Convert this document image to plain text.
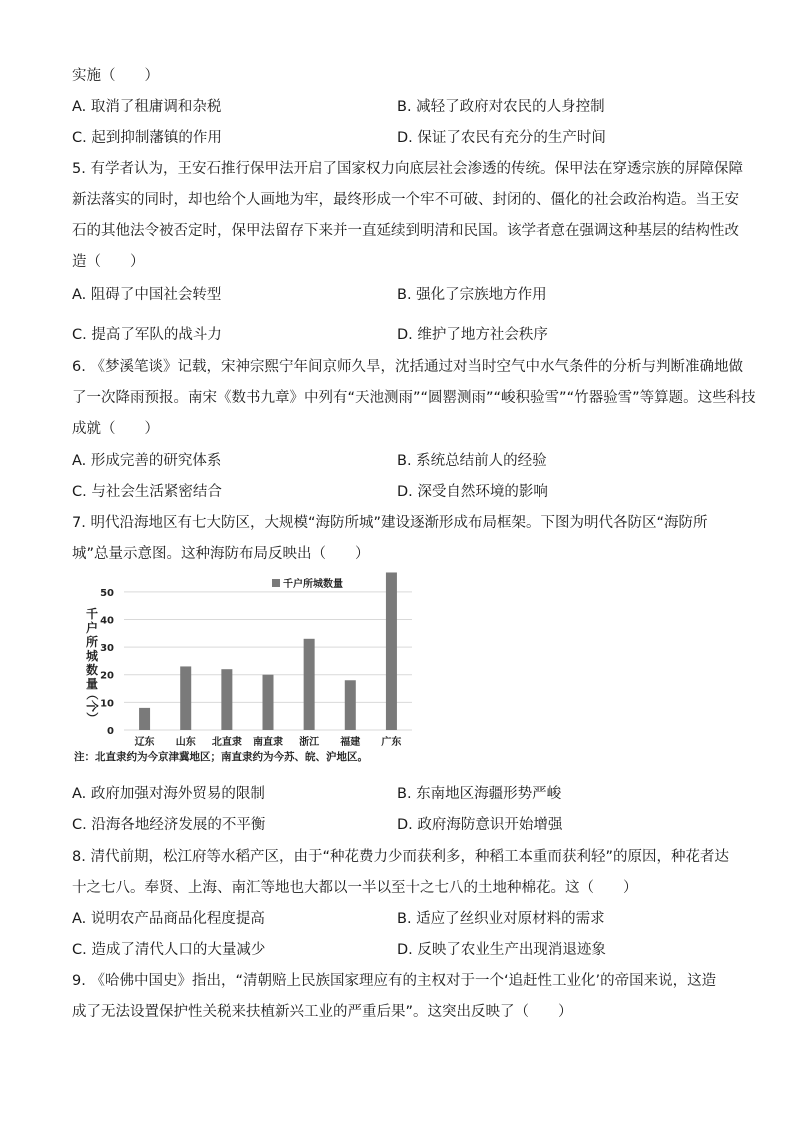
实施（　　）
A. 取消了租庸调和杂税	B. 减轻了政府对农民的人身控制
C. 起到抑制藩镇的作用	D. 保证了农民有充分的生产时间
5. 有学者认为，王安石推行保甲法开启了国家权力向底层社会渗透的传统。保甲法在穿透宗族的屏障保障
新法落实的同时，却也给个人画地为牢，最终形成一个牢不可破、封闭的、僵化的社会政治构造。当王安
石的其他法令被否定时，保甲法留存下来并一直延续到明清和民国。该学者意在强调这种基层的结构性改
造（　　）
A. 阻碍了中国社会转型	B. 强化了宗族地方作用
C. 提高了军队的战斗力	D. 维护了地方社会秩序
6. 《梦溪笔谈》记载，宋神宗熙宁年间京师久旱，沈括通过对当时空气中水气条件的分析与判断准确地做
了一次降雨预报。南宋《数书九章》中列有“天池测雨”“圆罂测雨”“峻积验雪”“竹器验雪”等算题。这些科技
成就（　　）
A. 形成完善的研究体系	B. 系统总结前人的经验
C. 与社会生活紧密结合	D. 深受自然环境的影响
7. 明代沿海地区有七大防区，大规模“海防所城”建设逐渐形成布局框架。下图为明代各防区“海防所
城”总量示意图。这种海防布局反映出（　　）
0
10
20
30
40
50
辽东 山东 北直隶 南直隶 浙江 福建 广东
千
户
所
城
数
量
（个）
千户所城数量
注：北直隶约为今京津冀地区；南直隶约为今苏、皖、沪地区。
A. 政府加强对海外贸易的限制	B. 东南地区海疆形势严峻
C. 沿海各地经济发展的不平衡	D. 政府海防意识开始增强
8. 清代前期，松江府等水稻产区，由于“种花费力少而获利多，种稻工本重而获利轻”的原因，种花者达
十之七八。奉贤、上海、南汇等地也大都以一半以至十之七八的土地种棉花。这（　　）
A. 说明农产品商品化程度提高	B. 适应了丝织业对原材料的需求
C. 造成了清代人口的大量减少	D. 反映了农业生产出现消退迹象
9. 《哈佛中国史》指出，“清朝赔上民族国家理应有的主权对于一个‘追赶性工业化’的帝国来说，这造
成了无法设置保护性关税来扶植新兴工业的严重后果”。这突出反映了（　　）
